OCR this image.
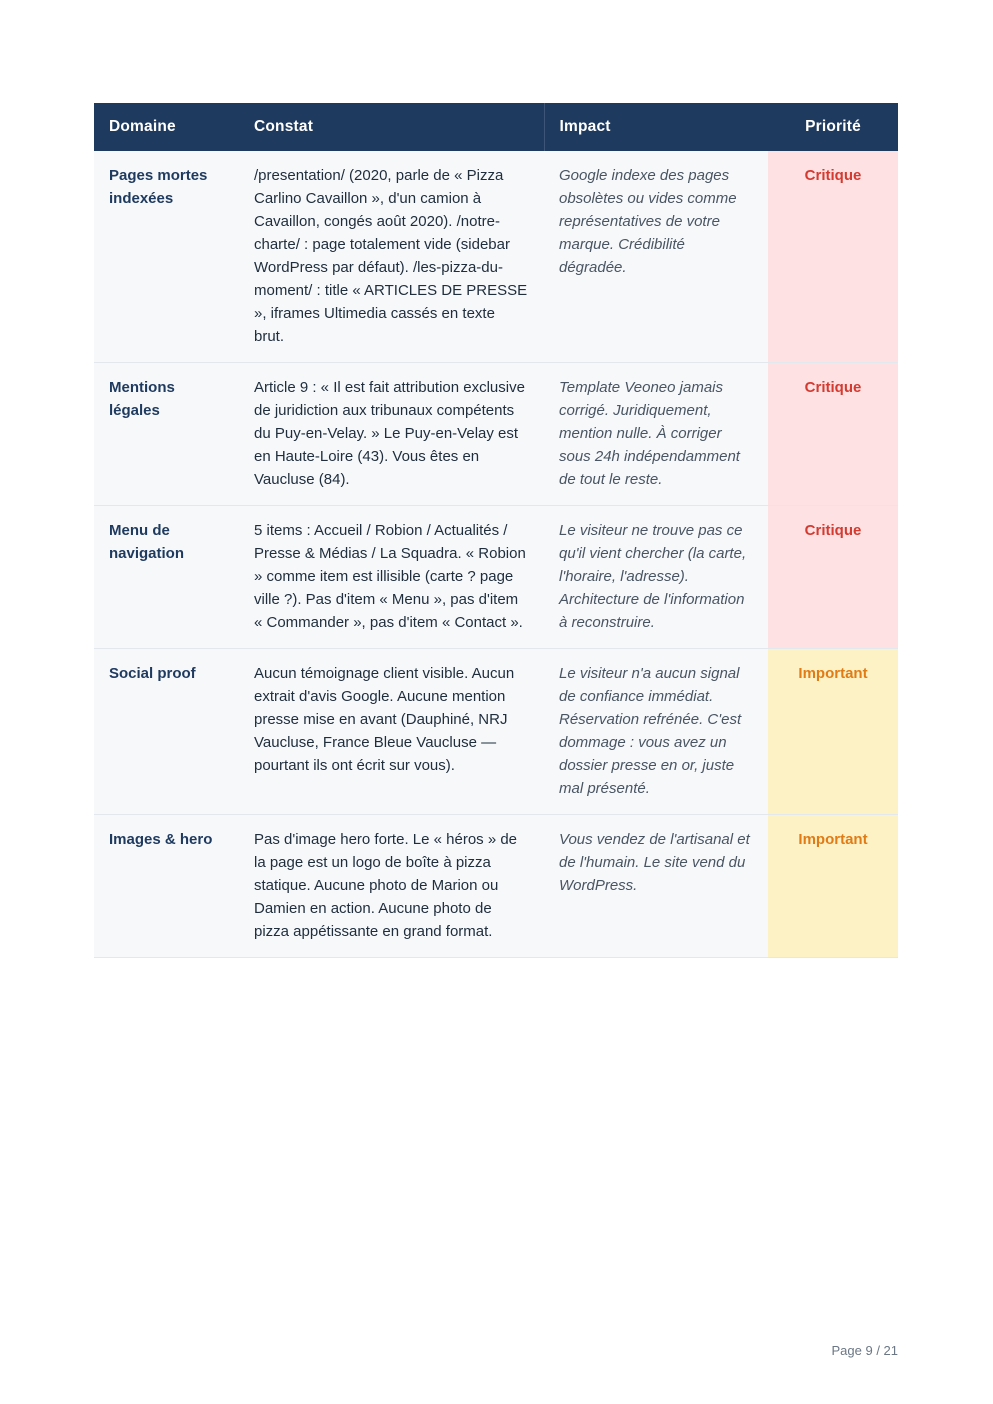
Domaine	Constat	Impact	Priorité
Pages mortes indexées	/presentation/ (2020, parle de « Pizza Carlino Cavaillon », d'un camion à Cavaillon, congés août 2020). /notre-charte/ : page totalement vide (sidebar WordPress par défaut). /les-pizza-du-moment/ : title « ARTICLES DE PRESSE », iframes Ultimedia cassés en texte brut.	Google indexe des pages obsolètes ou vides comme représentatives de votre marque. Crédibilité dégradée.	Critique
Mentions légales	Article 9 : « Il est fait attribution exclusive de juridiction aux tribunaux compétents du Puy-en-Velay. » Le Puy-en-Velay est en Haute-Loire (43). Vous êtes en Vaucluse (84).	Template Veoneo jamais corrigé. Juridiquement, mention nulle. À corriger sous 24h indépendamment de tout le reste.	Critique
Menu de navigation	5 items : Accueil / Robion / Actualités / Presse & Médias / La Squadra. « Robion » comme item est illisible (carte ? page ville ?). Pas d'item « Menu », pas d'item « Commander », pas d'item « Contact ».	Le visiteur ne trouve pas ce qu'il vient chercher (la carte, l'horaire, l'adresse). Architecture de l'information à reconstruire.	Critique
Social proof	Aucun témoignage client visible. Aucun extrait d'avis Google. Aucune mention presse mise en avant (Dauphiné, NRJ Vaucluse, France Bleue Vaucluse — pourtant ils ont écrit sur vous).	Le visiteur n'a aucun signal de confiance immédiat. Réservation refrénée. C'est dommage : vous avez un dossier presse en or, juste mal présenté.	Important
Images & hero	Pas d'image hero forte. Le « héros » de la page est un logo de boîte à pizza statique. Aucune photo de Marion ou Damien en action. Aucune photo de pizza appétissante en grand format.	Vous vendez de l'artisanal et de l'humain. Le site vend du WordPress.	Important
Page 9 / 21
